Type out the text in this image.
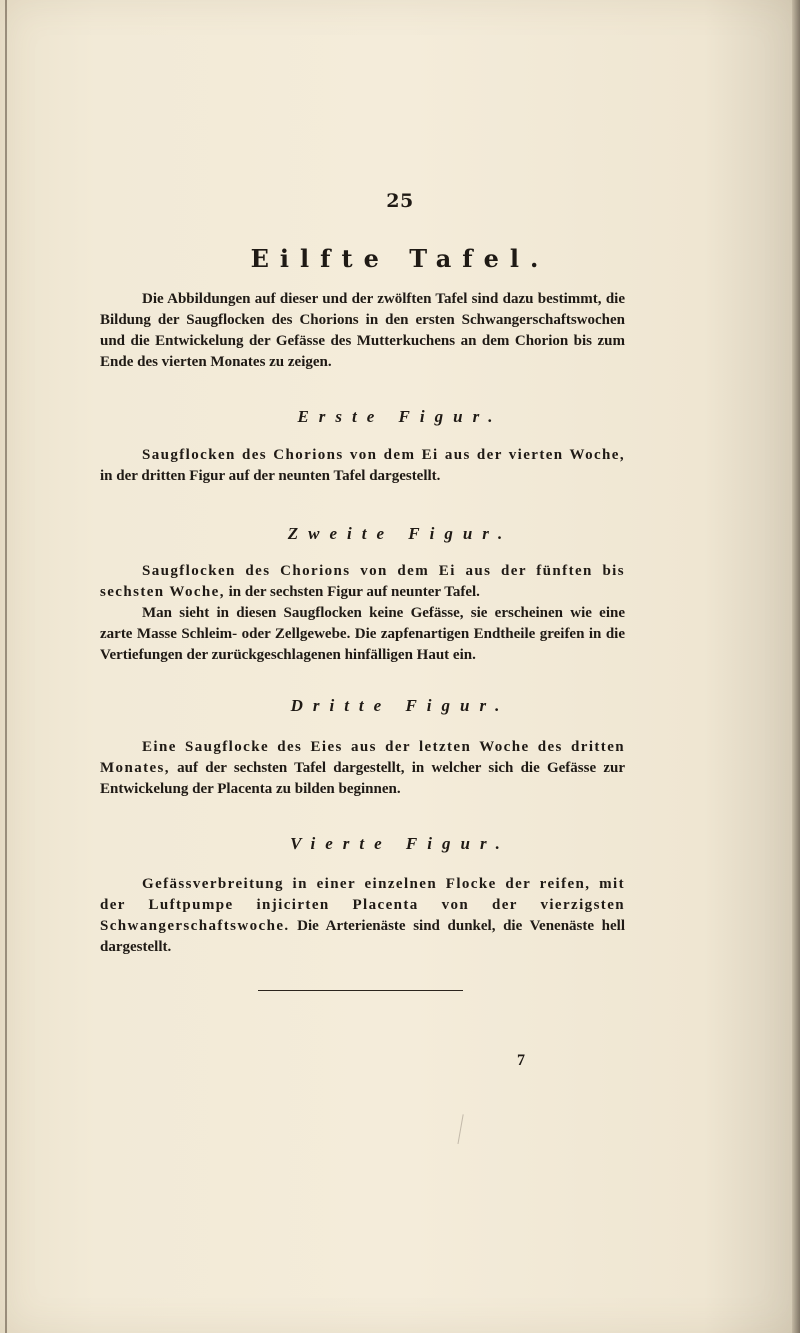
25
Eilfte Tafel.
Die Abbildungen auf dieser und der zwölften Tafel sind dazu bestimmt, die Bildung der Saugflocken des Chorions in den ersten Schwangerschaftswochen und die Entwickelung der Gefässe des Mutterkuchens an dem Chorion bis zum Ende des vierten Monates zu zeigen.
Erste Figur.
Saugflocken des Chorions von dem Ei aus der vierten Woche, in der dritten Figur auf der neunten Tafel dargestellt.
Zweite Figur.
Saugflocken des Chorions von dem Ei aus der fünften bis sechsten Woche, in der sechsten Figur auf neunter Tafel.
Man sieht in diesen Saugflocken keine Gefässe, sie erscheinen wie eine zarte Masse Schleim- oder Zellgewebe. Die zapfenartigen Endtheile greifen in die Vertiefungen der zurückgeschlagenen hinfälligen Haut ein.
Dritte Figur.
Eine Saugflocke des Eies aus der letzten Woche des dritten Monates, auf der sechsten Tafel dargestellt, in welcher sich die Gefässe zur Entwickelung der Placenta zu bilden beginnen.
Vierte Figur.
Gefässverbreitung in einer einzelnen Flocke der reifen, mit der Luftpumpe injicirten Placenta von der vierzigsten Schwangerschaftswoche. Die Arterienäste sind dunkel, die Venenäste hell dargestellt.
7
